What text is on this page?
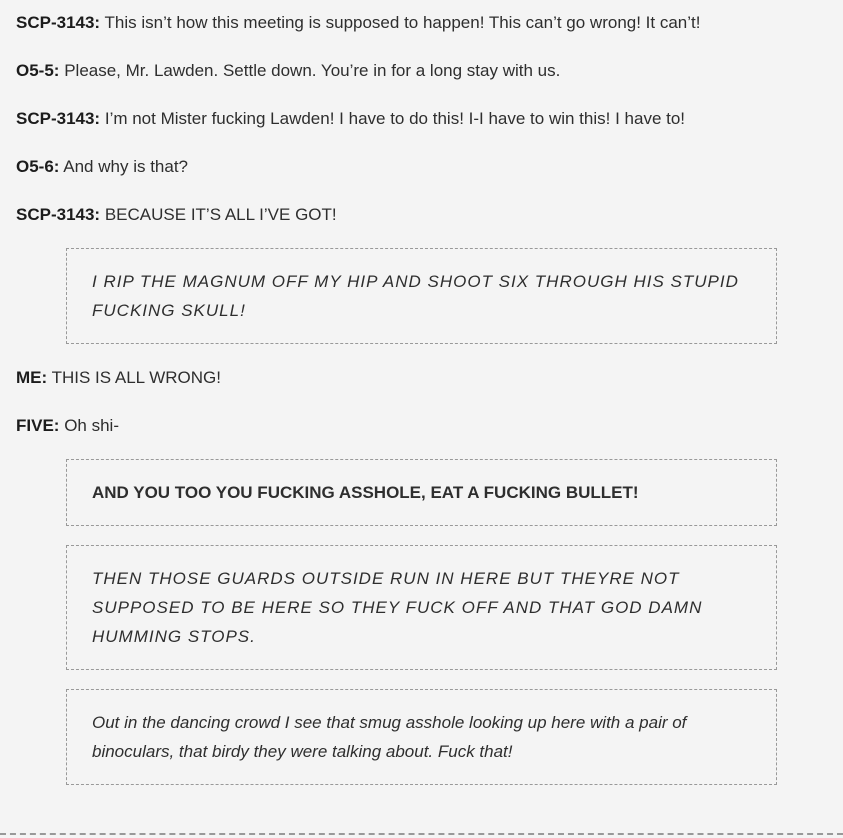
SCP-3143: This isn’t how this meeting is supposed to happen! This can’t go wrong! It can’t!

O5-5: Please, Mr. Lawden. Settle down. You’re in for a long stay with us.

SCP-3143: I’m not Mister fucking Lawden! I have to do this! I-I have to win this! I have to!

O5-6: And why is that?

SCP-3143: BECAUSE IT’S ALL I’VE GOT!

I RIP THE MAGNUM OFF MY HIP AND SHOOT SIX THROUGH HIS STUPID FUCKING SKULL!

ME: THIS IS ALL WRONG!

FIVE: Oh shi-

AND YOU TOO YOU FUCKING ASSHOLE, EAT A FUCKING BULLET!

THEN THOSE GUARDS OUTSIDE RUN IN HERE BUT THEYRE NOT SUPPOSED TO BE HERE SO THEY FUCK OFF AND THAT GOD DAMN HUMMING STOPS.

Out in the dancing crowd I see that smug asshole looking up here with a pair of binoculars, that birdy they were talking about. Fuck that!
